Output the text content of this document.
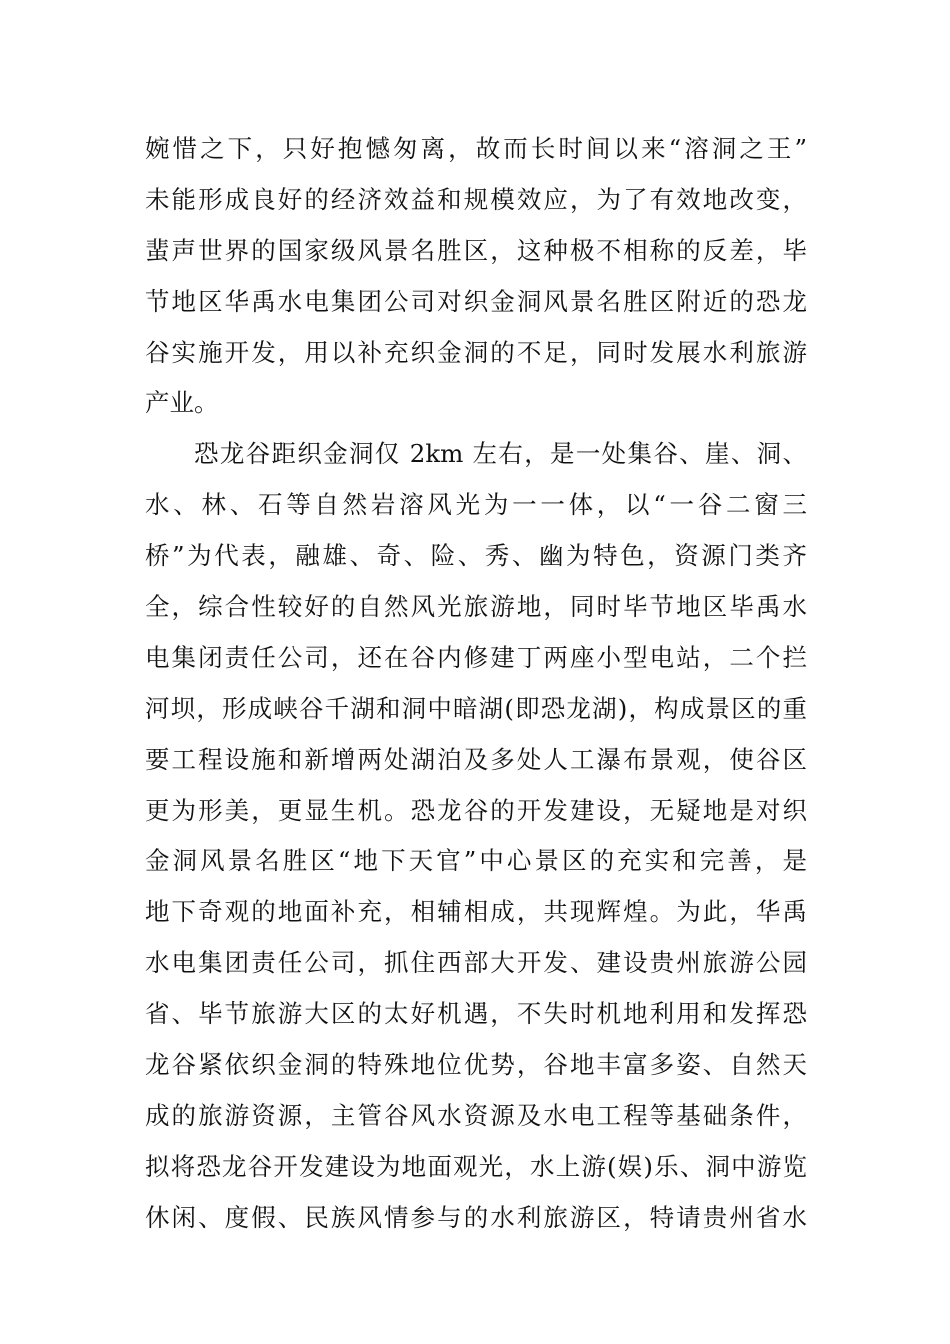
婉惜之下，只好抱憾匆离，故而长时间以来“溶洞之王”
未能形成良好的经济效益和规模效应，为了有效地改变，
蜚声世界的国家级风景名胜区，这种极不相称的反差，毕
节地区华禹水电集团公司对织金洞风景名胜区附近的恐龙
谷实施开发，用以补充织金洞的不足，同时发展水利旅游
产业。
恐龙谷距织金洞仅 2km 左右，是一处集谷、崖、洞、
水、林、石等自然岩溶风光为一一体，以“一谷二窗三
桥”为代表，融雄、奇、险、秀、幽为特色，资源门类齐
全，综合性较好的自然风光旅游地，同时毕节地区毕禹水
电集闭责任公司，还在谷内修建丁两座小型电站，二个拦
河坝，形成峡谷千湖和洞中暗湖(即恐龙湖)，构成景区的重
要工程设施和新增两处湖泊及多处人工瀑布景观，使谷区
更为形美，更显生机。恐龙谷的开发建设，无疑地是对织
金洞风景名胜区“地下天官”中心景区的充实和完善，是
地下奇观的地面补充，相辅相成，共现辉煌。为此，华禹
水电集团责任公司，抓住西部大开发、建设贵州旅游公园
省、毕节旅游大区的太好机遇，不失时机地利用和发挥恐
龙谷紧依织金洞的特殊地位优势，谷地丰富多姿、自然天
成的旅游资源，主管谷风水资源及水电工程等基础条件，
拟将恐龙谷开发建设为地面观光，水上游(娱)乐、洞中游览
休闲、度假、民族风情参与的水利旅游区，特请贵州省水
